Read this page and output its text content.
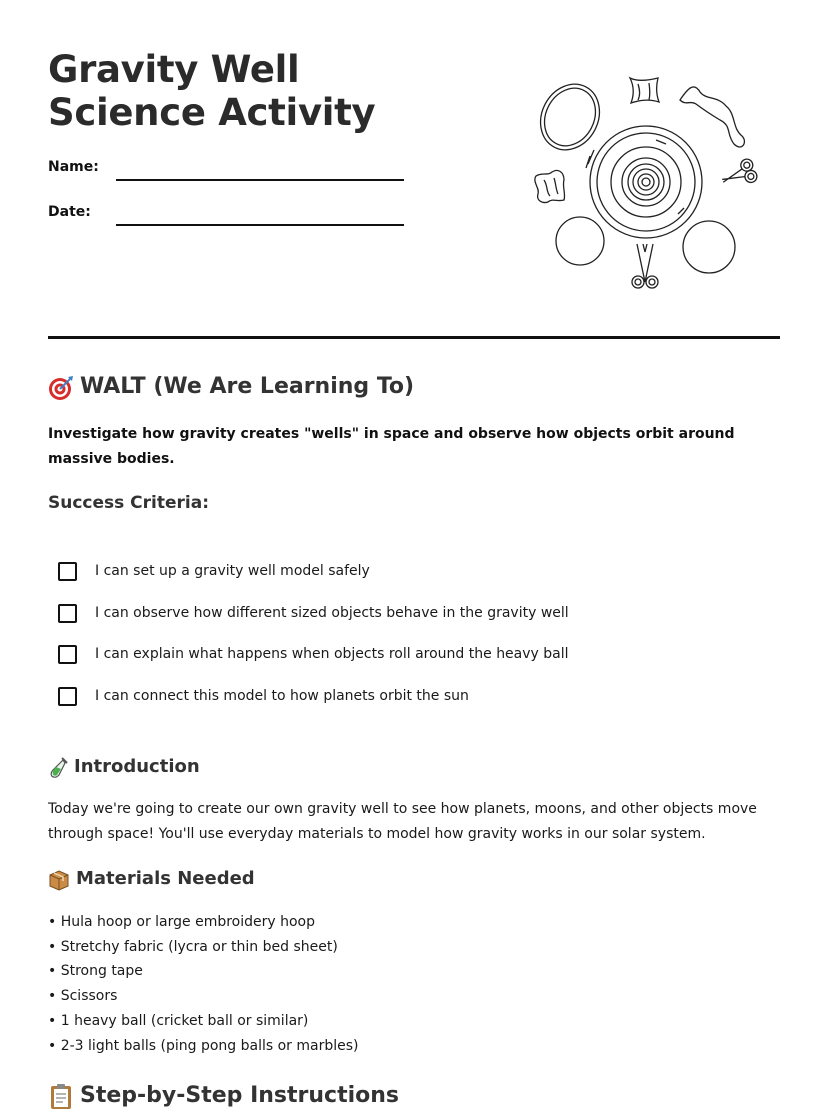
Gravity Well Science Activity
Name:
Date:
WALT (We Are Learning To)

Investigate how gravity creates "wells" in space and observe how objects orbit around massive bodies.

Success Criteria:
I can set up a gravity well model safely
I can observe how different sized objects behave in the gravity well
I can explain what happens when objects roll around the heavy ball
I can connect this model to how planets orbit the sun
Introduction

Today we're going to create our own gravity well to see how planets, moons, and other objects move through space! You'll use everyday materials to model how gravity works in our solar system.

Materials Needed
• Hula hoop or large embroidery hoop
• Stretchy fabric (lycra or thin bed sheet)
• Strong tape
• Scissors
• 1 heavy ball (cricket ball or similar)
• 2-3 light balls (ping pong balls or marbles)
Step-by-Step Instructions
